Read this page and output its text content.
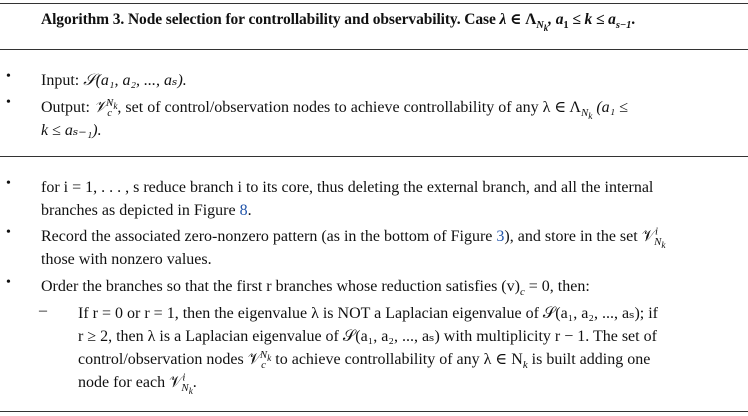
Algorithm 3. Node selection for controllability and observability. Case λ ∈ $\Lambda_{N_k}$, $a_1 \le k \le a_{s-1}$.
• Input: 𝒮(a₁, a₂, ..., aₛ).
• Output: 𝒱$_c^{N_k}$, set of control/observation nodes to achieve controllability of any λ ∈ $\Lambda_{N_k}$ (a₁ ≤
k ≤ aₛ₋₁).
• for i = 1, . . . , s reduce branch i to its core, thus deleting the external branch, and all the internal
branches as depicted in Figure 8.
• Record the associated zero-nonzero pattern (as in the bottom of Figure 3), and store in the set 𝒱$^i_{N_k}$
those with nonzero values.
• Order the branches so that the first r branches whose reduction satisfies $(v)_c = 0$, then:
– If r = 0 or r = 1, then the eigenvalue λ is NOT a Laplacian eigenvalue of 𝒮(a₁, a₂, ..., aₛ); if
r ≥ 2, then λ is a Laplacian eigenvalue of 𝒮(a₁, a₂, ..., aₛ) with multiplicity r − 1. The set of
control/observation nodes 𝒱$_c^{N_k}$ to achieve controllability of any λ ∈ $N_k$ is built adding one
node for each 𝒱$^i_{N_k}$.
